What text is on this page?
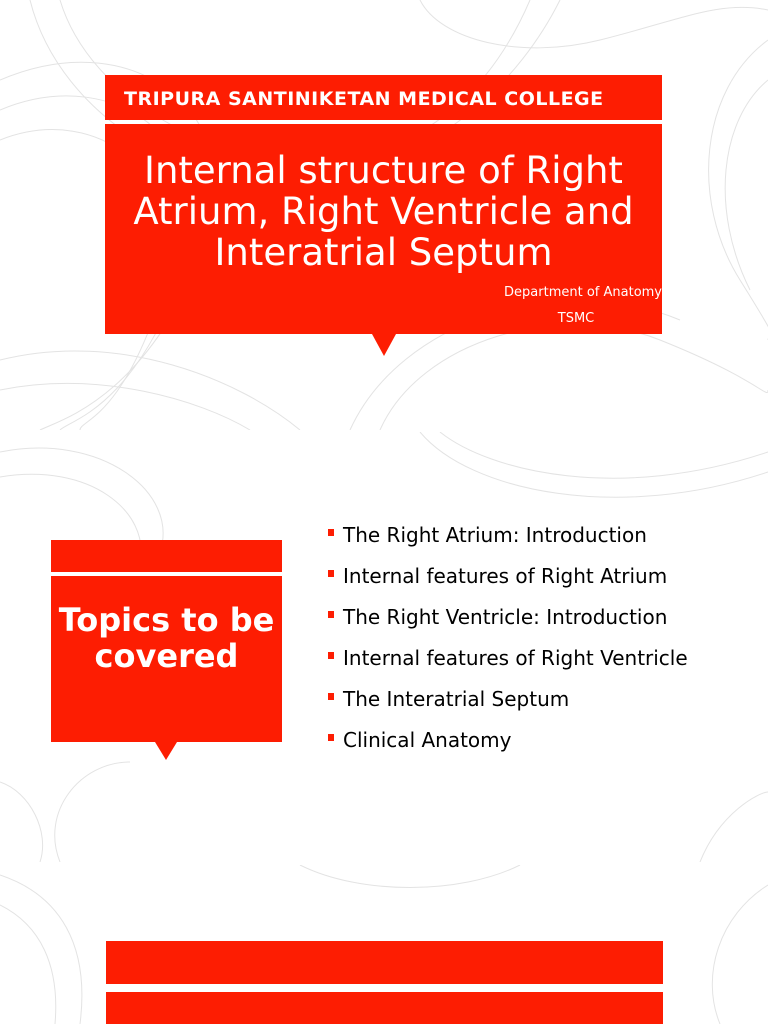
TRIPURA SANTINIKETAN MEDICAL COLLEGE
Internal structure of Right Atrium, Right Ventricle and Interatrial Septum
Department of Anatomy
TSMC
Topics to be covered
The Right Atrium: Introduction
Internal features of Right Atrium
The Right Ventricle: Introduction
Internal features of Right Ventricle
The Interatrial Septum
Clinical Anatomy
